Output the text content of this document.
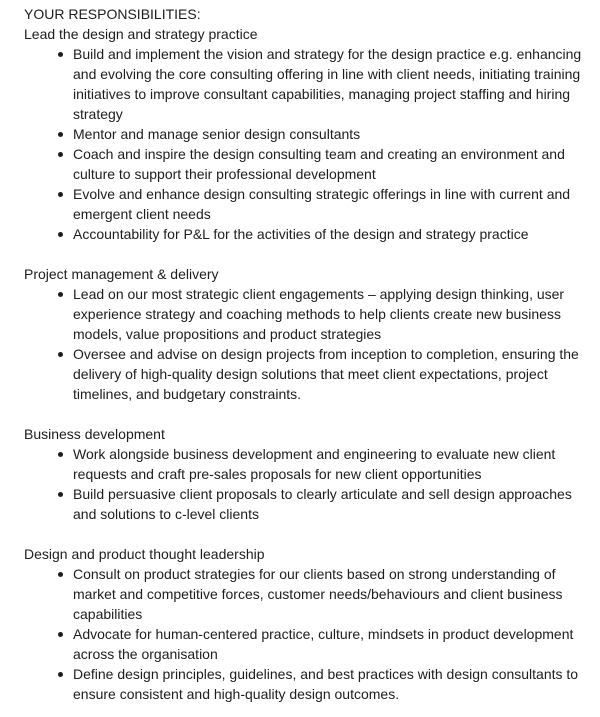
YOUR RESPONSIBILITIES:
Lead the design and strategy practice
Build and implement the vision and strategy for the design practice e.g. enhancing and evolving the core consulting offering in line with client needs, initiating training initiatives to improve consultant capabilities, managing project staffing and hiring strategy
Mentor and manage senior design consultants
Coach and inspire the design consulting team and creating an environment and culture to support their professional development
Evolve and enhance design consulting strategic offerings in line with current and emergent client needs
Accountability for P&L for the activities of the design and strategy practice
Project management & delivery
Lead on our most strategic client engagements – applying design thinking, user experience strategy and coaching methods to help clients create new business models, value propositions and product strategies
Oversee and advise on design projects from inception to completion, ensuring the delivery of high-quality design solutions that meet client expectations, project timelines, and budgetary constraints.
Business development
Work alongside business development and engineering to evaluate new client requests and craft pre-sales proposals for new client opportunities
Build persuasive client proposals to clearly articulate and sell design approaches and solutions to c-level clients
Design and product thought leadership
Consult on product strategies for our clients based on strong understanding of market and competitive forces, customer needs/behaviours and client business capabilities
Advocate for human-centered practice, culture, mindsets in product development across the organisation
Define design principles, guidelines, and best practices with design consultants to ensure consistent and high-quality design outcomes.
